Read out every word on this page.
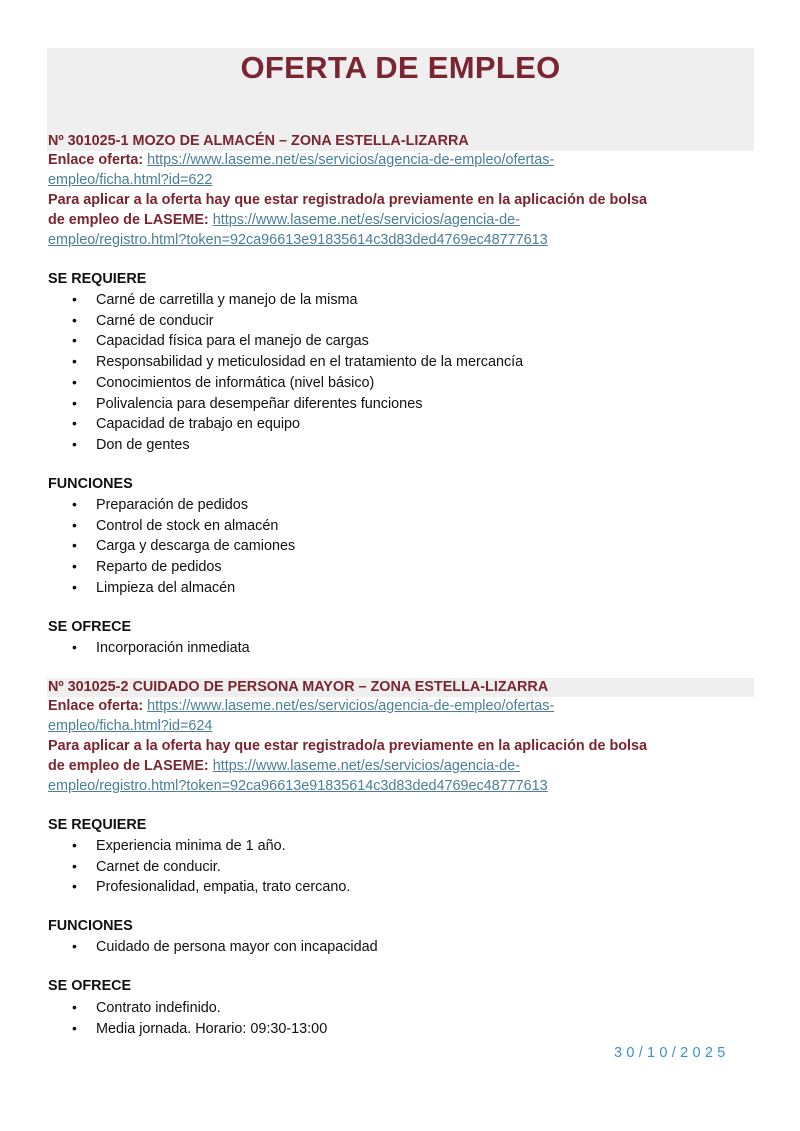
OFERTA DE EMPLEO
Nº 301025-1 MOZO DE ALMACÉN – ZONA ESTELLA-LIZARRA
Enlace oferta: https://www.laseme.net/es/servicios/agencia-de-empleo/ofertas-
empleo/ficha.html?id=622
Para aplicar a la oferta hay que estar registrado/a previamente en la aplicación de bolsa
de empleo de LASEME: https://www.laseme.net/es/servicios/agencia-de-
empleo/registro.html?token=92ca96613e91835614c3d83ded4769ec48777613
SE REQUIERE
• Carné de carretilla y manejo de la misma
• Carné de conducir
• Capacidad física para el manejo de cargas
• Responsabilidad y meticulosidad en el tratamiento de la mercancía
• Conocimientos de informática (nivel básico)
• Polivalencia para desempeñar diferentes funciones
• Capacidad de trabajo en equipo
• Don de gentes
FUNCIONES
• Preparación de pedidos
• Control de stock en almacén
• Carga y descarga de camiones
• Reparto de pedidos
• Limpieza del almacén
SE OFRECE
• Incorporación inmediata
Nº 301025-2 CUIDADO DE PERSONA MAYOR – ZONA ESTELLA-LIZARRA
Enlace oferta: https://www.laseme.net/es/servicios/agencia-de-empleo/ofertas-
empleo/ficha.html?id=624
Para aplicar a la oferta hay que estar registrado/a previamente en la aplicación de bolsa
de empleo de LASEME: https://www.laseme.net/es/servicios/agencia-de-
empleo/registro.html?token=92ca96613e91835614c3d83ded4769ec48777613
SE REQUIERE
• Experiencia minima de 1 año.
• Carnet de conducir.
• Profesionalidad, empatia, trato cercano.
FUNCIONES
• Cuidado de persona mayor con incapacidad
SE OFRECE
• Contrato indefinido.
• Media jornada. Horario: 09:30-13:00
30/10/2025
